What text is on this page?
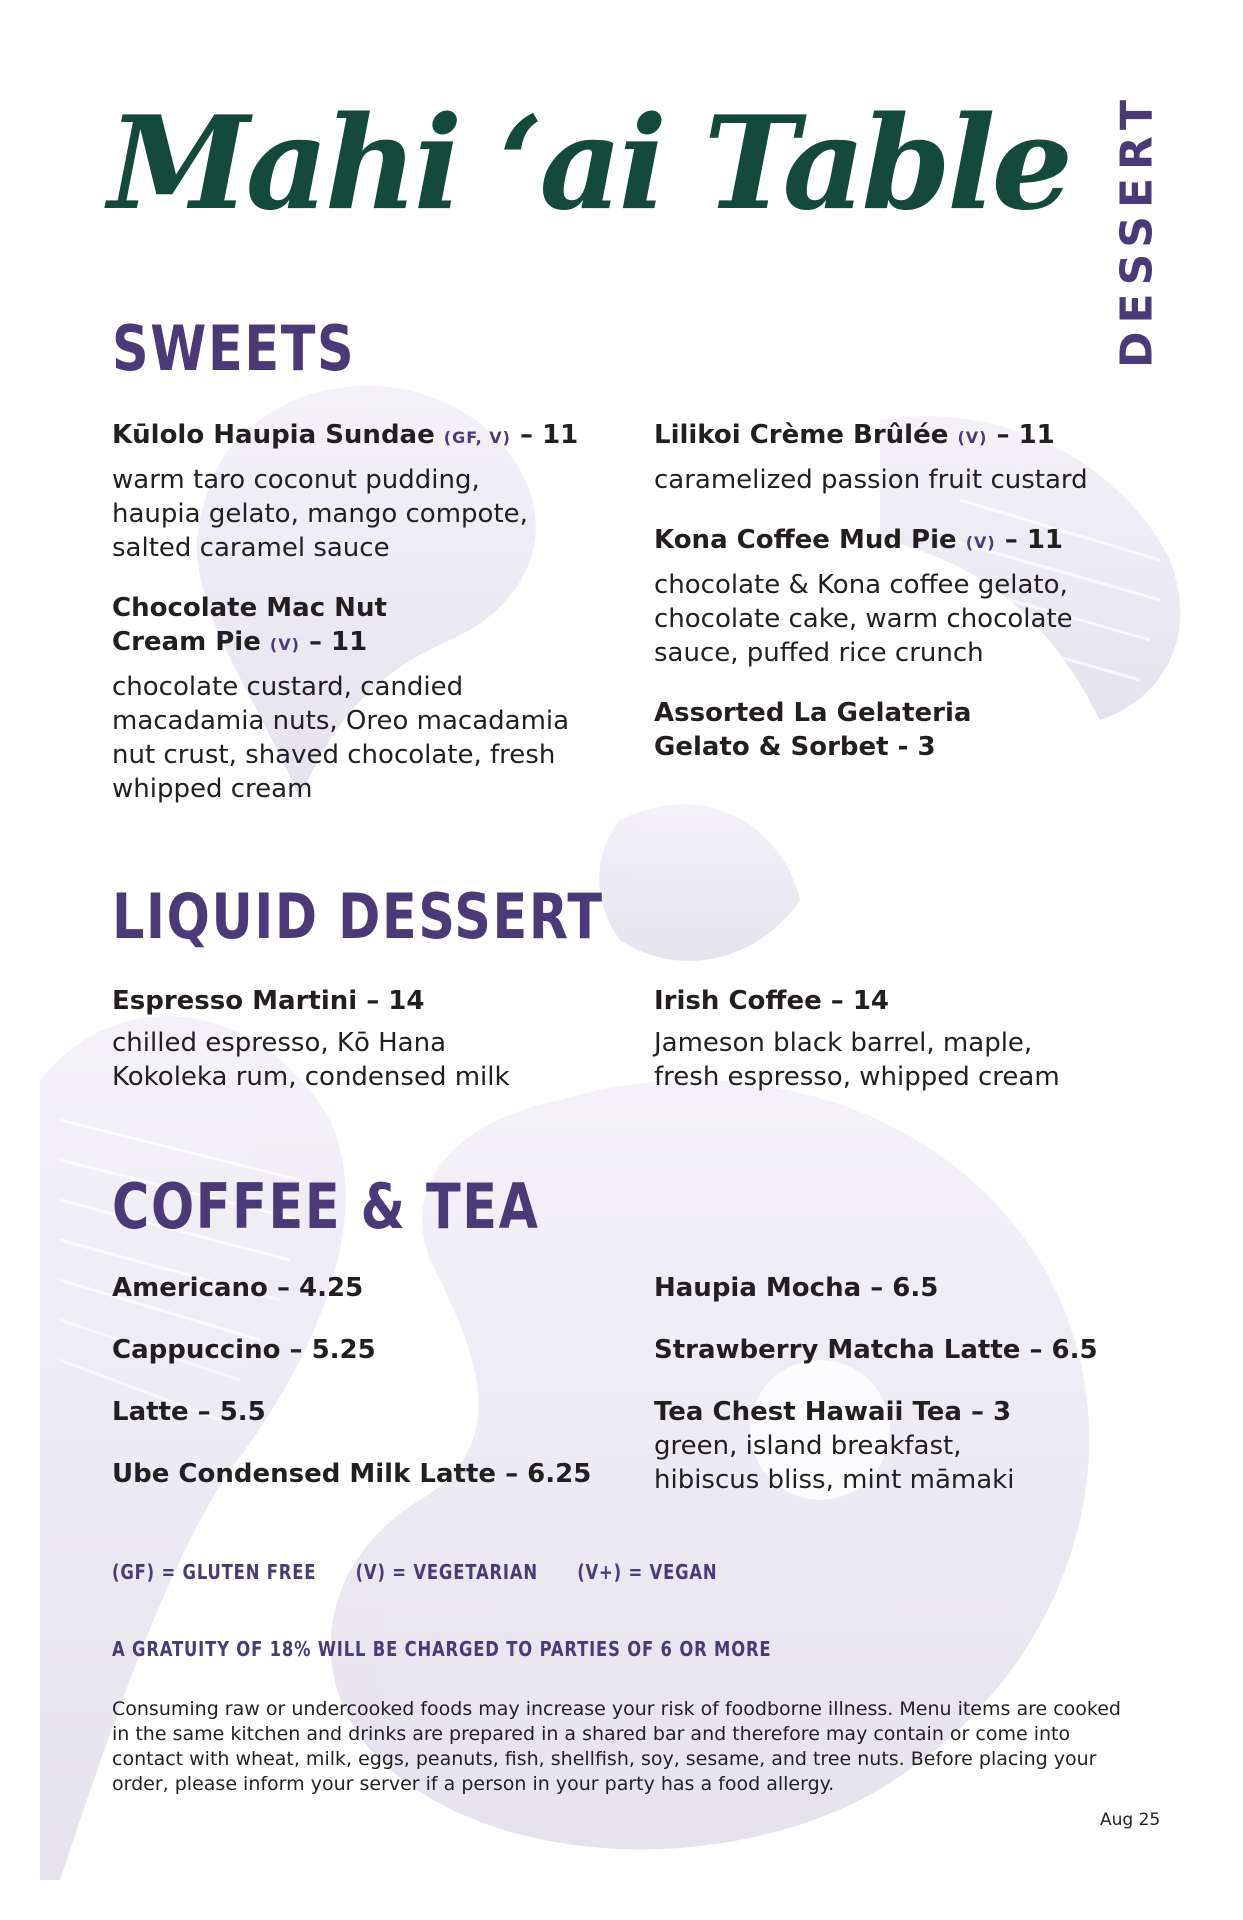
Mahi ʻai Table DESSERT
SWEETS
Kūlolo Haupia Sundae (GF, V) – 11
warm taro coconut pudding, haupia gelato, mango compote, salted caramel sauce
Chocolate Mac Nut Cream Pie (V) – 11
chocolate custard, candied macadamia nuts, Oreo macadamia nut crust, shaved chocolate, fresh whipped cream
Lilikoi Crème Brûlée (V) – 11
caramelized passion fruit custard
Kona Coffee Mud Pie (V) – 11
chocolate & Kona coffee gelato, chocolate cake, warm chocolate sauce, puffed rice crunch
Assorted La Gelateria Gelato & Sorbet - 3
LIQUID DESSERT
Espresso Martini – 14
chilled espresso, Kō Hana Kokoleka rum, condensed milk
Irish Coffee – 14
Jameson black barrel, maple, fresh espresso, whipped cream
COFFEE & TEA
Americano – 4.25
Cappuccino – 5.25
Latte – 5.5
Ube Condensed Milk Latte – 6.25
Haupia Mocha – 6.5
Strawberry Matcha Latte – 6.5
Tea Chest Hawaii Tea – 3
green, island breakfast, hibiscus bliss, mint māmaki
(GF) = GLUTEN FREE (V) = VEGETARIAN (V+) = VEGAN
A GRATUITY OF 18% WILL BE CHARGED TO PARTIES OF 6 OR MORE
Consuming raw or undercooked foods may increase your risk of foodborne illness. Menu items are cooked in the same kitchen and drinks are prepared in a shared bar and therefore may contain or come into contact with wheat, milk, eggs, peanuts, fish, shellfish, soy, sesame, and tree nuts. Before placing your order, please inform your server if a person in your party has a food allergy.
Aug 25
